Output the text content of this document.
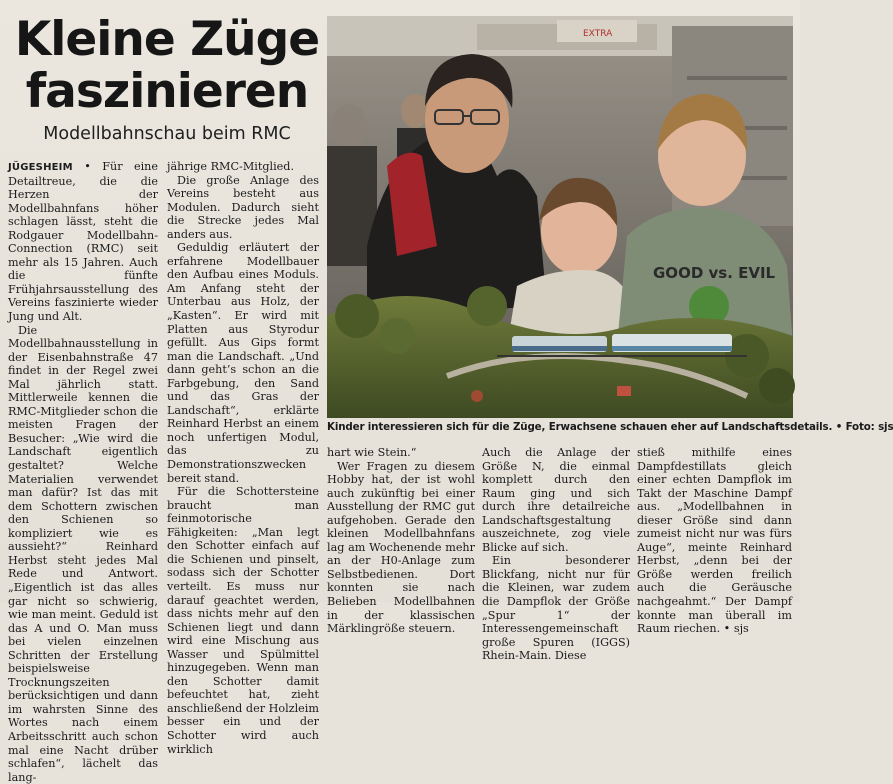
Kleine Züge
faszinieren
Modellbahnschau beim RMC

JÜGESHEIM • Für eine Detailtreue, die die Herzen der Modellbahnfans höher schlagen lässt, steht die Rodgauer Modellbahn-Connection (RMC) seit mehr als 15 Jahren. Auch die fünfte Frühjahrsausstellung des Vereins faszinierte wieder Jung und Alt.

Die Modellbahnausstellung in der Eisenbahnstraße 47 findet in der Regel zwei Mal jährlich statt. Mittlerweile kennen die RMC-Mitglieder schon die meisten Fragen der Besucher: „Wie wird die Landschaft eigentlich gestaltet? Welche Materialien verwendet man dafür? Ist das mit dem Schottern zwischen den Schienen so kompliziert wie es aussieht?“ Reinhard Herbst steht jedes Mal Rede und Antwort. „Eigentlich ist das alles gar nicht so schwierig, wie man meint. Geduld ist das A und O. Man muss bei vielen einzelnen Schritten der Erstellung beispielsweise Trocknungszeiten berücksichtigen und dann im wahrsten Sinne des Wortes nach einem Arbeitsschritt auch schon mal eine Nacht drüber schlafen“, lächelt das lang-

jährige RMC-Mitglied.

Die große Anlage des Vereins besteht aus Modulen. Dadurch sieht die Strecke jedes Mal anders aus.

Geduldig erläutert der erfahrene Modellbauer den Aufbau eines Moduls. Am Anfang steht der Unterbau aus Holz, der „Kasten“. Er wird mit Platten aus Styrodur gefüllt. Aus Gips formt man die Landschaft. „Und dann geht’s schon an die Farbgebung, den Sand und das Gras der Landschaft“, erklärte Reinhard Herbst an einem noch unfertigen Modul, das zu Demonstrationszwecken bereit stand.

Für die Schottersteine braucht man feinmotorische Fähigkeiten: „Man legt den Schotter einfach auf die Schienen und pinselt, sodass sich der Schotter verteilt. Es muss nur darauf geachtet werden, dass nichts mehr auf den Schienen liegt und dann wird eine Mischung aus Wasser und Spülmittel hinzugegeben. Wenn man den Schotter damit befeuchtet hat, zieht anschließend der Holzleim besser ein und der Schotter wird auch wirklich

EXTRA
GOOD vs. EVIL
Kinder interessieren sich für die Züge, Erwachsene schauen eher auf Landschaftsdetails. • Foto: sjs

hart wie Stein.“

Wer Fragen zu diesem Hobby hat, der ist wohl auch zukünftig bei einer Ausstellung der RMC gut aufgehoben. Gerade den kleinen Modellbahnfans lag am Wochenende mehr an der H0-Anlage zum Selbstbedienen. Dort konnten sie nach Belieben Modellbahnen in der klassischen Märklingröße steuern.

Auch die Anlage der Größe N, die einmal komplett durch den Raum ging und sich durch ihre detailreiche Landschaftsgestaltung auszeichnete, zog viele Blicke auf sich.

Ein besonderer Blickfang, nicht nur für die Kleinen, war zudem die Dampflok der Größe „Spur 1“ der Interessengemeinschaft große Spuren (IGGS) Rhein-Main. Diese

stieß mithilfe eines Dampfdestillats gleich einer echten Dampflok im Takt der Maschine Dampf aus. „Modellbahnen in dieser Größe sind dann zumeist nicht nur was fürs Auge“, meinte Reinhard Herbst, „denn bei der Größe werden freilich auch die Geräusche nachgeahmt.“ Der Dampf konnte man überall im Raum riechen. • sjs
